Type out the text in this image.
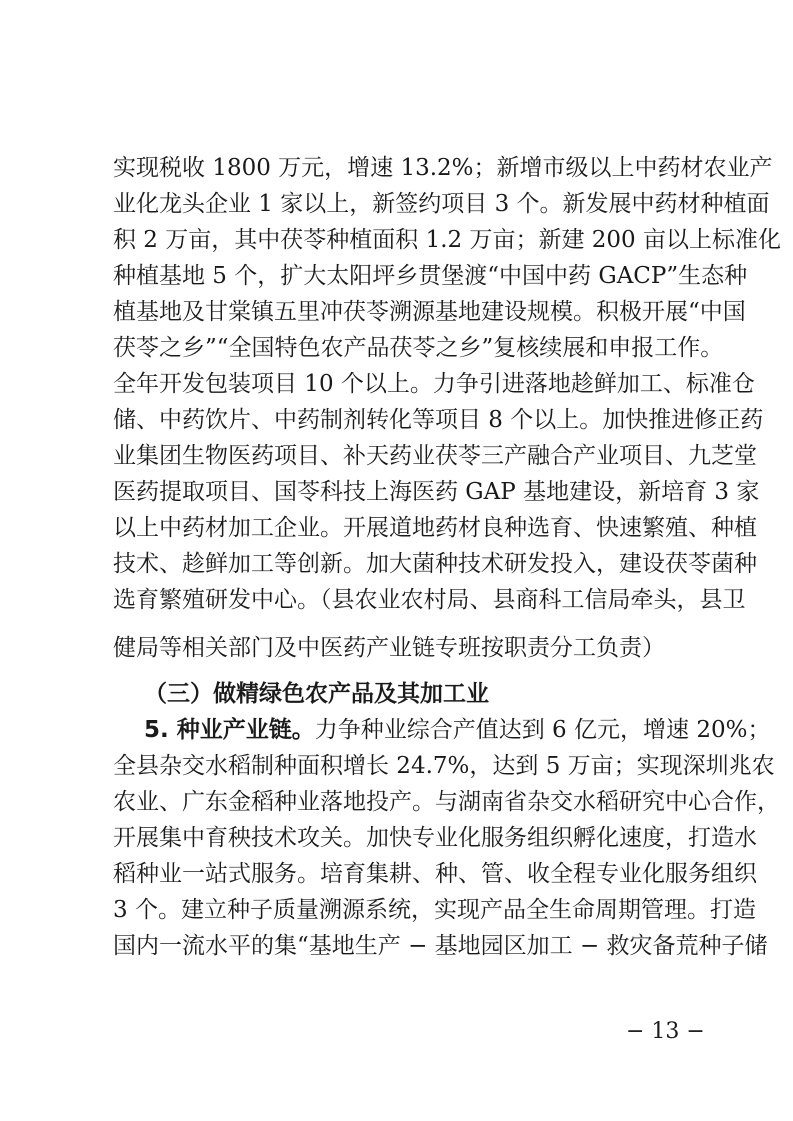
实现税收 1800 万元，增速 13.2%；新增市级以上中药材农业产
业化龙头企业 1 家以上，新签约项目 3 个。新发展中药材种植面
积 2 万亩，其中茯苓种植面积 1.2 万亩；新建 200 亩以上标准化
种植基地 5 个，扩大太阳坪乡贯堡渡“中国中药 GACP”生态种
植基地及甘棠镇五里冲茯苓溯源基地建设规模。积极开展“中国
茯苓之乡”“全国特色农产品茯苓之乡”复核续展和申报工作。
全年开发包装项目 10 个以上。力争引进落地趁鲜加工、标准仓
储、中药饮片、中药制剂转化等项目 8 个以上。加快推进修正药
业集团生物医药项目、补天药业茯苓三产融合产业项目、九芝堂
医药提取项目、国苓科技上海医药 GAP 基地建设，新培育 3 家
以上中药材加工企业。开展道地药材良种选育、快速繁殖、种植
技术、趁鲜加工等创新。加大菌种技术研发投入，建设茯苓菌种
选育繁殖研发中心。（县农业农村局、县商科工信局牵头，县卫
健局等相关部门及中医药产业链专班按职责分工负责）
（三）做精绿色农产品及其加工业
5. 种业产业链。力争种业综合产值达到 6 亿元，增速 20%；
全县杂交水稻制种面积增长 24.7%，达到 5 万亩；实现深圳兆农
农业、广东金稻种业落地投产。与湖南省杂交水稻研究中心合作，
开展集中育秧技术攻关。加快专业化服务组织孵化速度，打造水
稻种业一站式服务。培育集耕、种、管、收全程专业化服务组织
3 个。建立种子质量溯源系统，实现产品全生命周期管理。打造
国内一流水平的集“基地生产 − 基地园区加工 − 救灾备荒种子储
− 13 −
